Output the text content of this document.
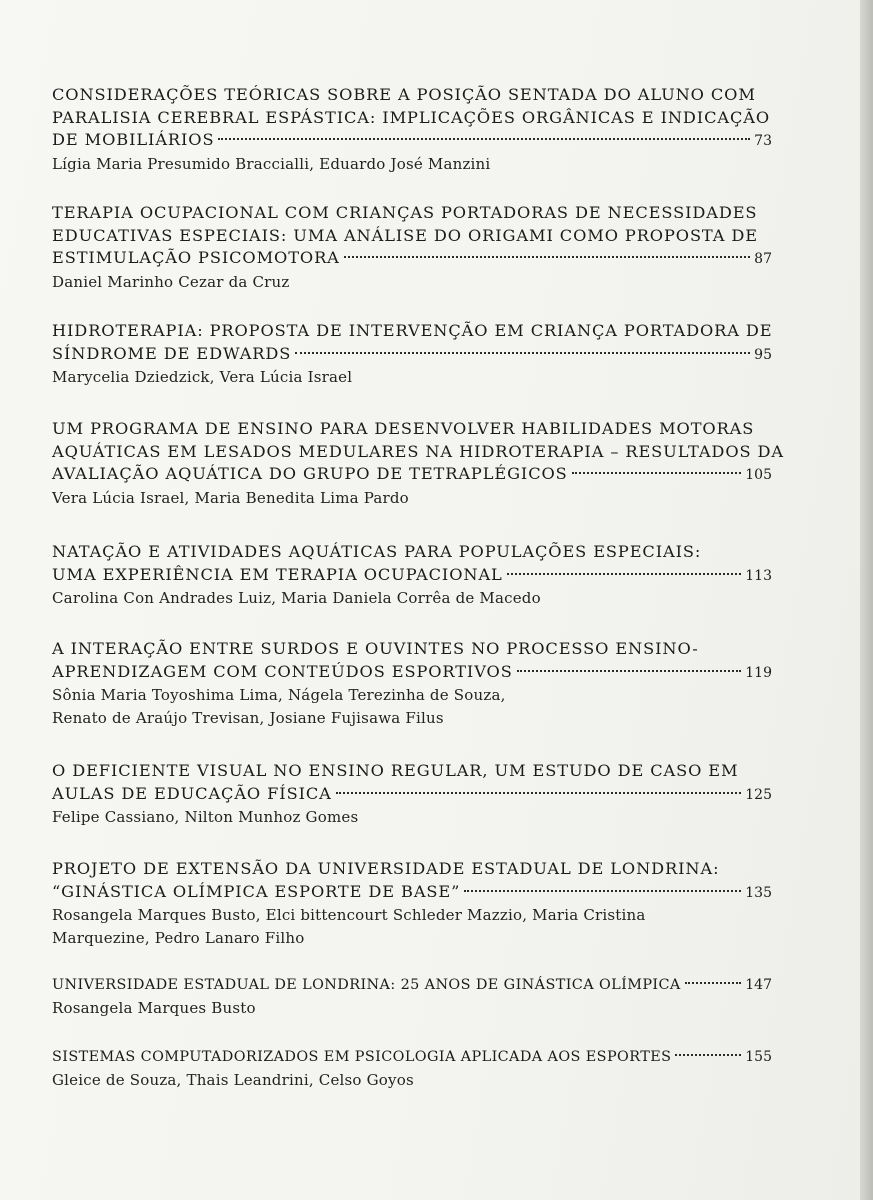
CONSIDERAÇÕES TEÓRICAS SOBRE A POSIÇÃO SENTADA DO ALUNO COM
PARALISIA CEREBRAL ESPÁSTICA: IMPLICAÇÕES ORGÂNICAS E INDICAÇÃO
DE MOBILIÁRIOS	73
Lígia Maria Presumido Braccialli, Eduardo José Manzini
TERAPIA OCUPACIONAL COM CRIANÇAS PORTADORAS DE NECESSIDADES
EDUCATIVAS ESPECIAIS: UMA ANÁLISE DO ORIGAMI COMO PROPOSTA DE
ESTIMULAÇÃO PSICOMOTORA	87
Daniel Marinho Cezar da Cruz
HIDROTERAPIA: PROPOSTA DE INTERVENÇÃO EM CRIANÇA PORTADORA DE
SÍNDROME DE EDWARDS	95
Marycelia Dziedzick, Vera Lúcia Israel
UM PROGRAMA DE ENSINO PARA DESENVOLVER HABILIDADES MOTORAS
AQUÁTICAS EM LESADOS MEDULARES NA HIDROTERAPIA – RESULTADOS DA
AVALIAÇÃO AQUÁTICA DO GRUPO DE TETRAPLÉGICOS	105
Vera Lúcia Israel, Maria Benedita Lima Pardo
NATAÇÃO E ATIVIDADES AQUÁTICAS PARA POPULAÇÕES ESPECIAIS:
UMA EXPERIÊNCIA EM TERAPIA OCUPACIONAL	113
Carolina Con Andrades Luiz, Maria Daniela Corrêa de Macedo
A INTERAÇÃO ENTRE SURDOS E OUVINTES NO PROCESSO ENSINO-
APRENDIZAGEM COM CONTEÚDOS ESPORTIVOS	119
Sônia Maria Toyoshima Lima, Nágela Terezinha de Souza,
Renato de Araújo Trevisan, Josiane Fujisawa Filus
O DEFICIENTE VISUAL NO ENSINO REGULAR, UM ESTUDO DE CASO EM
AULAS DE EDUCAÇÃO FÍSICA	125
Felipe Cassiano, Nilton Munhoz Gomes
PROJETO DE EXTENSÃO DA UNIVERSIDADE ESTADUAL DE LONDRINA:
“GINÁSTICA OLÍMPICA ESPORTE DE BASE”	135
Rosangela Marques Busto, Elci bittencourt Schleder Mazzio, Maria Cristina
Marquezine, Pedro Lanaro Filho
UNIVERSIDADE ESTADUAL DE LONDRINA: 25 ANOS DE GINÁSTICA OLÍMPICA	147
Rosangela Marques Busto
SISTEMAS COMPUTADORIZADOS EM PSICOLOGIA APLICADA AOS ESPORTES	155
Gleice de Souza, Thais Leandrini, Celso Goyos
